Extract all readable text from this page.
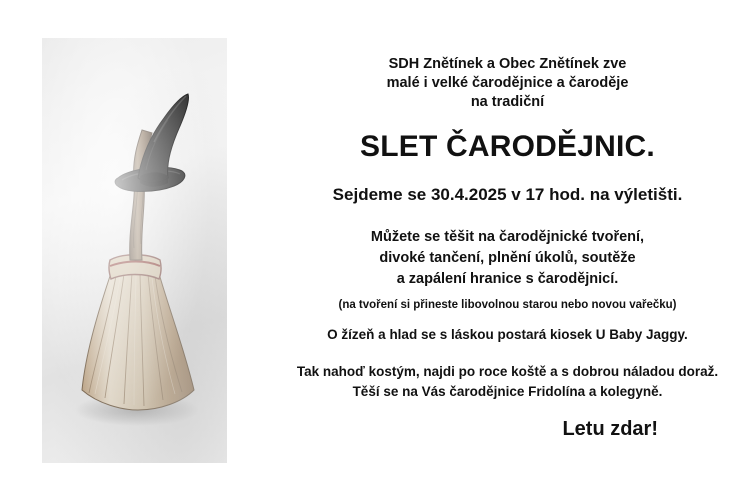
SDH Znětínek a Obec Znětínek zve
malé i velké čarodějnice a čaroděje
na tradiční
SLET ČARODĚJNIC.
Sejdeme se 30.4.2025 v 17 hod. na výletišti.
Můžete se těšit na čarodějnické tvoření,
divoké tančení, plnění úkolů, soutěže
a zapálení hranice s čarodějnicí.
(na tvoření si přineste libovolnou starou nebo novou vařečku)
O žízeň a hlad se s láskou postará kiosek U Baby Jaggy.
Tak nahoď kostým, najdi po roce koště a s dobrou náladou doraž.
Těší se na Vás čarodějnice Fridolína a kolegyně.
Letu zdar!
